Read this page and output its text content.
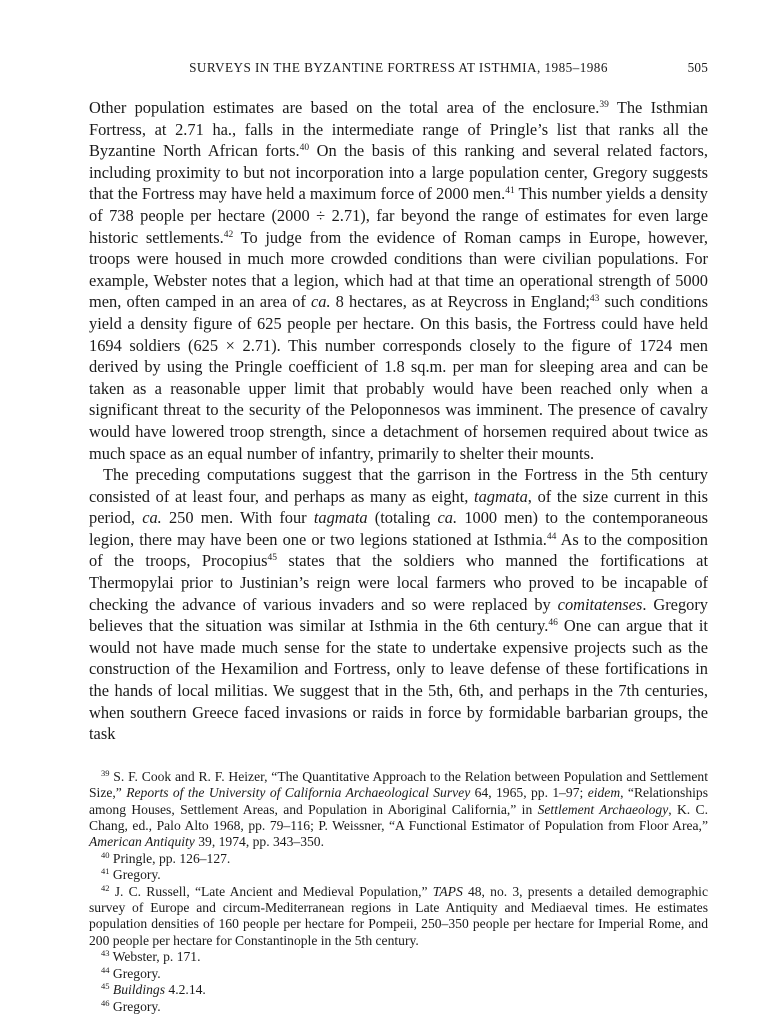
SURVEYS IN THE BYZANTINE FORTRESS AT ISTHMIA, 1985–1986	505

Other population estimates are based on the total area of the enclosure.$^{39}$ The Isthmian Fortress, at 2.71 ha., falls in the intermediate range of Pringle’s list that ranks all the Byzantine North African forts.$^{40}$ On the basis of this ranking and several related factors, including proximity to but not incorporation into a large population center, Gregory suggests that the Fortress may have held a maximum force of 2000 men.$^{41}$ This number yields a density of 738 people per hectare (2000 ÷ 2.71), far beyond the range of estimates for even large historic settlements.$^{42}$ To judge from the evidence of Roman camps in Europe, however, troops were housed in much more crowded conditions than were civilian populations. For example, Webster notes that a legion, which had at that time an operational strength of 5000 men, often camped in an area of ca. 8 hectares, as at Reycross in England;$^{43}$ such conditions yield a density figure of 625 people per hectare. On this basis, the Fortress could have held 1694 soldiers (625 × 2.71). This number corresponds closely to the figure of 1724 men derived by using the Pringle coefficient of 1.8 sq.m. per man for sleeping area and can be taken as a reasonable upper limit that probably would have been reached only when a significant threat to the security of the Peloponnesos was imminent. The presence of cavalry would have lowered troop strength, since a detachment of horsemen required about twice as much space as an equal number of infantry, primarily to shelter their mounts.

The preceding computations suggest that the garrison in the Fortress in the 5th century consisted of at least four, and perhaps as many as eight, tagmata, of the size current in this period, ca. 250 men. With four tagmata (totaling ca. 1000 men) to the contemporaneous legion, there may have been one or two legions stationed at Isthmia.$^{44}$ As to the composition of the troops, Procopius$^{45}$ states that the soldiers who manned the fortifications at Thermopylai prior to Justinian’s reign were local farmers who proved to be incapable of checking the advance of various invaders and so were replaced by comitatenses. Gregory believes that the situation was similar at Isthmia in the 6th century.$^{46}$ One can argue that it would not have made much sense for the state to undertake expensive projects such as the construction of the Hexamilion and Fortress, only to leave defense of these fortifications in the hands of local militias. We suggest that in the 5th, 6th, and perhaps in the 7th centuries, when southern Greece faced invasions or raids in force by formidable barbarian groups, the task

$^{39}$ S. F. Cook and R. F. Heizer, “The Quantitative Approach to the Relation between Population and Settlement Size,” Reports of the University of California Archaeological Survey 64, 1965, pp. 1–97; eidem, “Relationships among Houses, Settlement Areas, and Population in Aboriginal California,” in Settlement Archaeology, K. C. Chang, ed., Palo Alto 1968, pp. 79–116; P. Weissner, “A Functional Estimator of Population from Floor Area,” American Antiquity 39, 1974, pp. 343–350.

$^{40}$ Pringle, pp. 126–127.

$^{41}$ Gregory.

$^{42}$ J. C. Russell, “Late Ancient and Medieval Population,” TAPS 48, no. 3, presents a detailed demographic survey of Europe and circum-Mediterranean regions in Late Antiquity and Mediaeval times. He estimates population densities of 160 people per hectare for Pompeii, 250–350 people per hectare for Imperial Rome, and 200 people per hectare for Constantinople in the 5th century.

$^{43}$ Webster, p. 171.

$^{44}$ Gregory.

$^{45}$ Buildings 4.2.14.

$^{46}$ Gregory.
